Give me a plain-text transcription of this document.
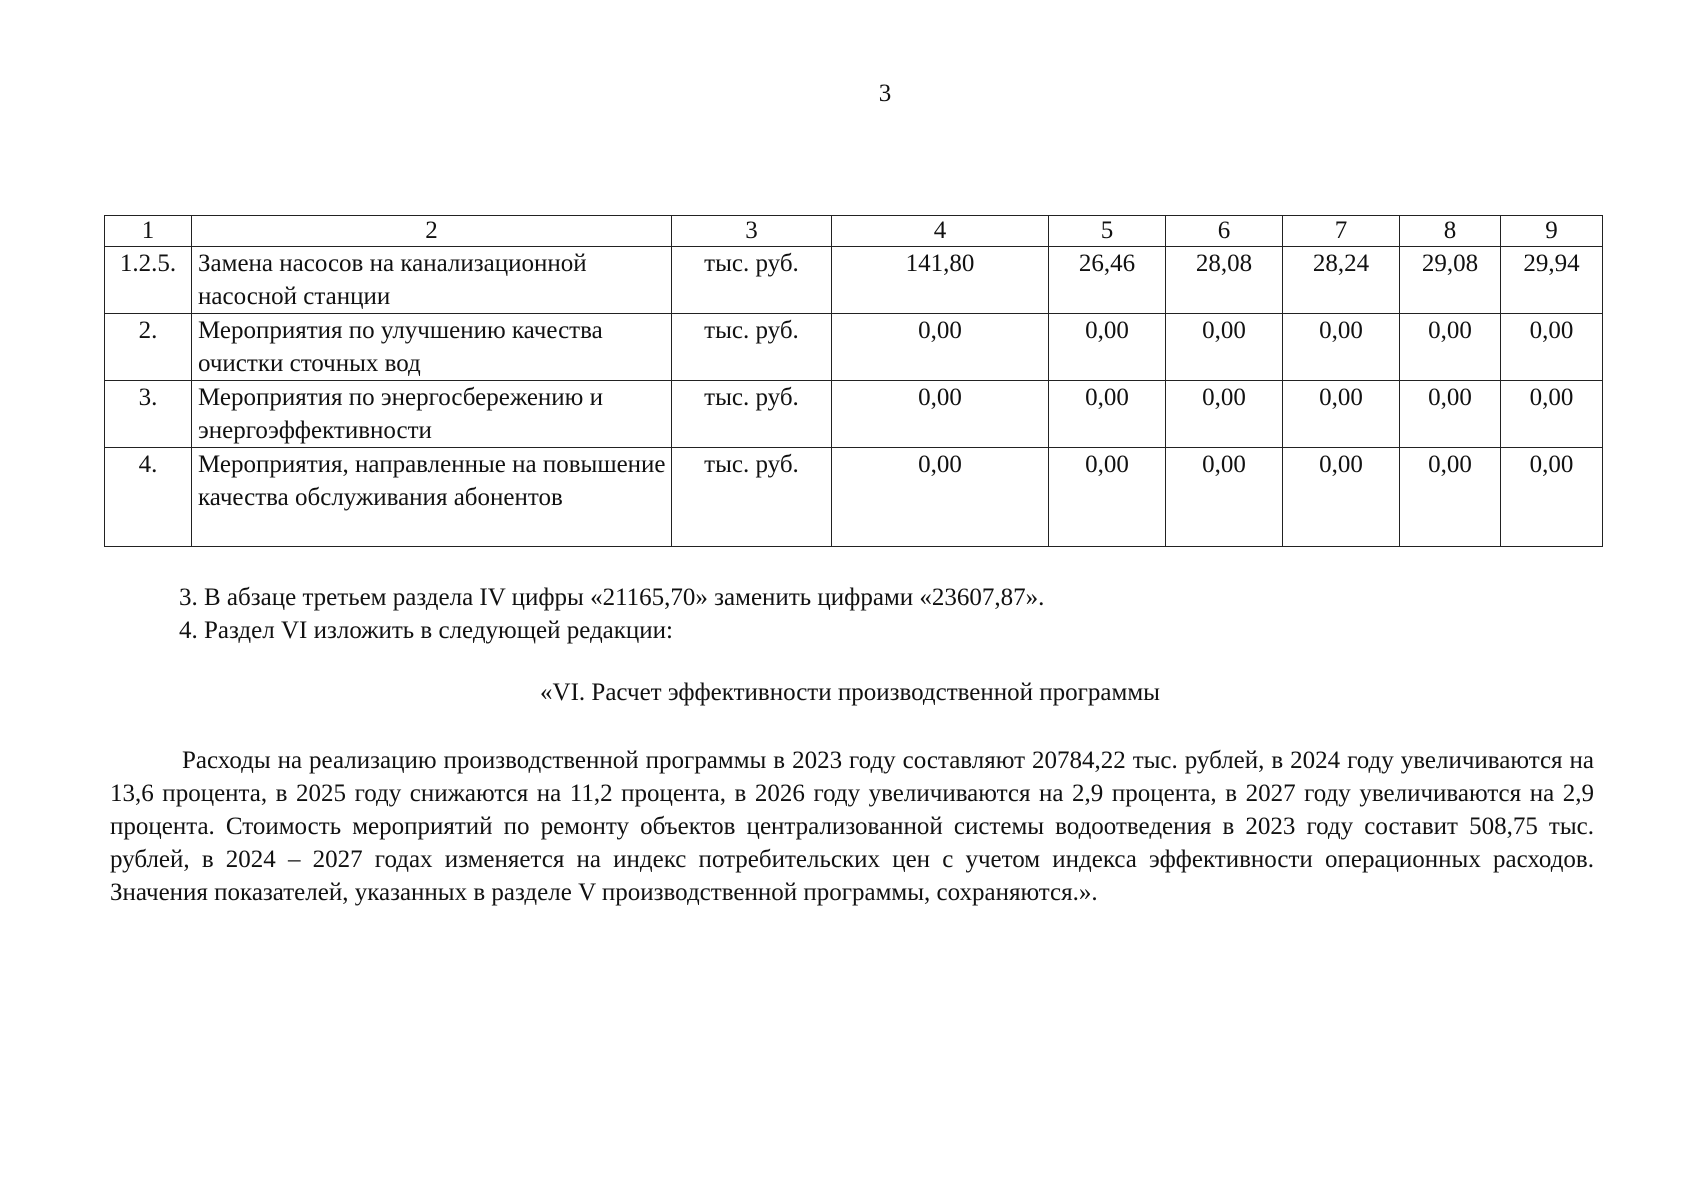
3
1	2	3	4	5	6	7	8	9
1.2.5.	Замена насосов на канализационной насосной станции	тыс. руб.	141,80	26,46	28,08	28,24	29,08	29,94
2.	Мероприятия по улучшению качества очистки сточных вод	тыс. руб.	0,00	0,00	0,00	0,00	0,00	0,00
3.	Мероприятия по энергосбережению и энергоэффективности	тыс. руб.	0,00	0,00	0,00	0,00	0,00	0,00
4.	Мероприятия, направленные на повышение качества обслуживания абонентов	тыс. руб.	0,00	0,00	0,00	0,00	0,00	0,00
3. В абзаце третьем раздела IV цифры «21165,70» заменить цифрами «23607,87».
4. Раздел VI изложить в следующей редакции:
«VI. Расчет эффективности производственной программы
Расходы на реализацию производственной программы в 2023 году составляют 20784,22 тыс. рублей, в 2024 году увеличиваются на 13,6 процента, в 2025 году снижаются на 11,2 процента, в 2026 году увеличиваются на 2,9 процента, в 2027 году увеличиваются на 2,9 процента. Стоимость мероприятий по ремонту объектов централизованной системы водоотведения в 2023 году составит 508,75 тыс. рублей, в 2024 – 2027 годах изменяется на индекс потребительских цен с учетом индекса эффективности операционных расходов. Значения показателей, указанных в разделе V производственной программы, сохраняются.».
